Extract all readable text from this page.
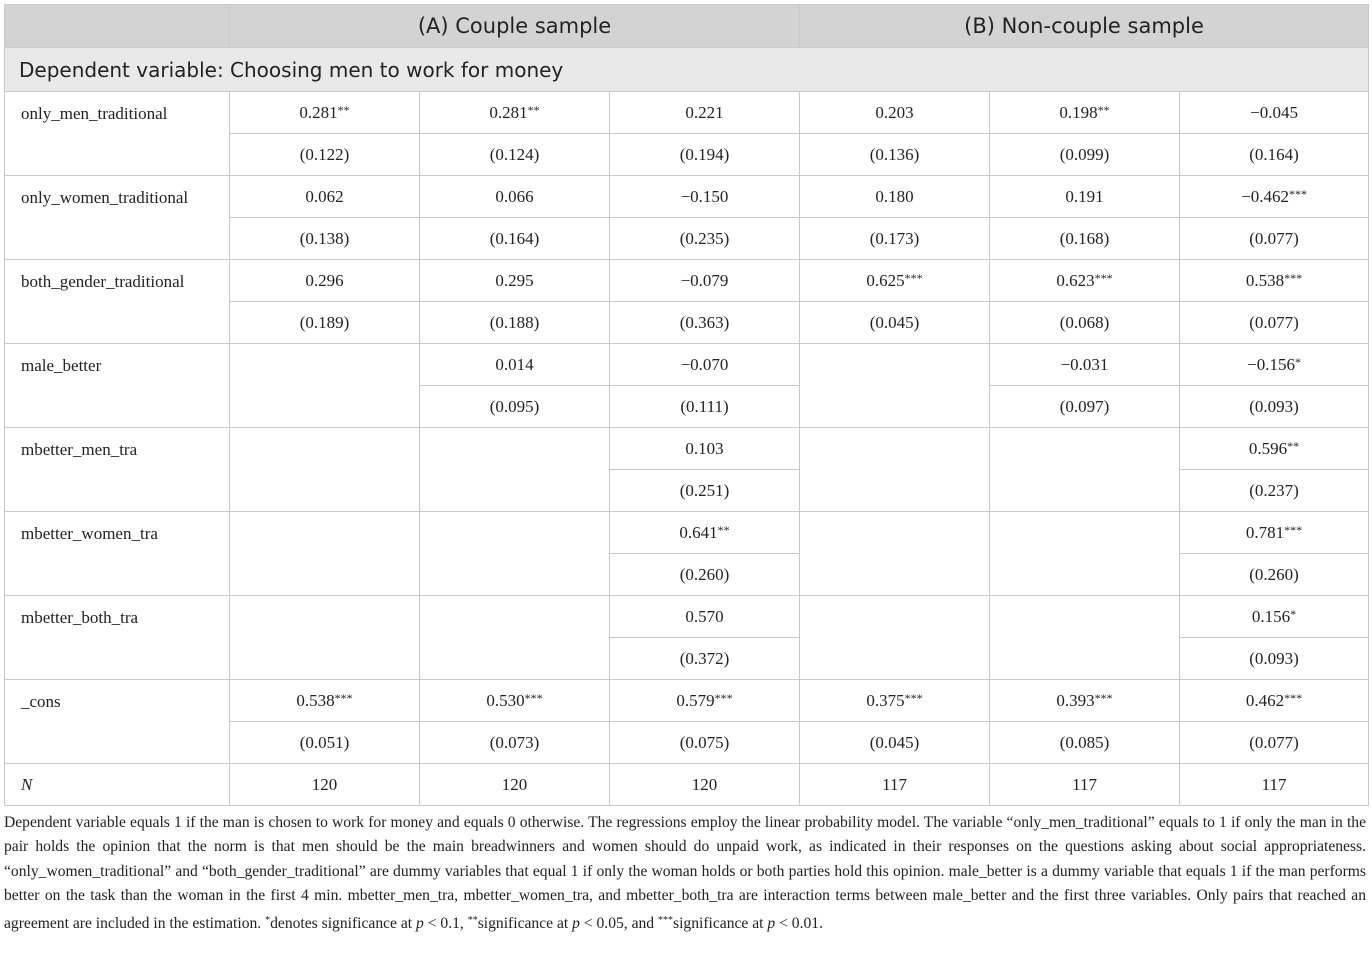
	(A) Couple sample			(B) Non-couple sample		
Dependent variable: Choosing men to work for money						
only_men_traditional	0.281**	0.281**	0.221	0.203	0.198**	−0.045
	(0.122)	(0.124)	(0.194)	(0.136)	(0.099)	(0.164)
only_women_traditional	0.062	0.066	−0.150	0.180	0.191	−0.462***
	(0.138)	(0.164)	(0.235)	(0.173)	(0.168)	(0.077)
both_gender_traditional	0.296	0.295	−0.079	0.625***	0.623***	0.538***
	(0.189)	(0.188)	(0.363)	(0.045)	(0.068)	(0.077)
male_better		0.014	−0.070		−0.031	−0.156*
		(0.095)	(0.111)		(0.097)	(0.093)
mbetter_men_tra			0.103			0.596**
			(0.251)			(0.237)
mbetter_women_tra			0.641**			0.781***
			(0.260)			(0.260)
mbetter_both_tra			0.570			0.156*
			(0.372)			(0.093)
_cons	0.538***	0.530***	0.579***	0.375***	0.393***	0.462***
	(0.051)	(0.073)	(0.075)	(0.045)	(0.085)	(0.077)
N	120	120	120	117	117	117
Dependent variable equals 1 if the man is chosen to work for money and equals 0 otherwise. The regressions employ the linear probability model. The variable “only_men_traditional” equals to 1 if only the man in the pair holds the opinion that the norm is that men should be the main breadwinners and women should do unpaid work, as indicated in their responses on the questions asking about social appropriateness. “only_women_traditional” and “both_gender_traditional” are dummy variables that equal 1 if only the woman holds or both parties hold this opinion. male_better is a dummy variable that equals 1 if the man performs better on the task than the woman in the first 4 min. mbetter_men_tra, mbetter_women_tra, and mbetter_both_tra are interaction terms between male_better and the first three variables. Only pairs that reached an agreement are included in the estimation. *denotes significance at p < 0.1, **significance at p < 0.05, and ***significance at p < 0.01.
